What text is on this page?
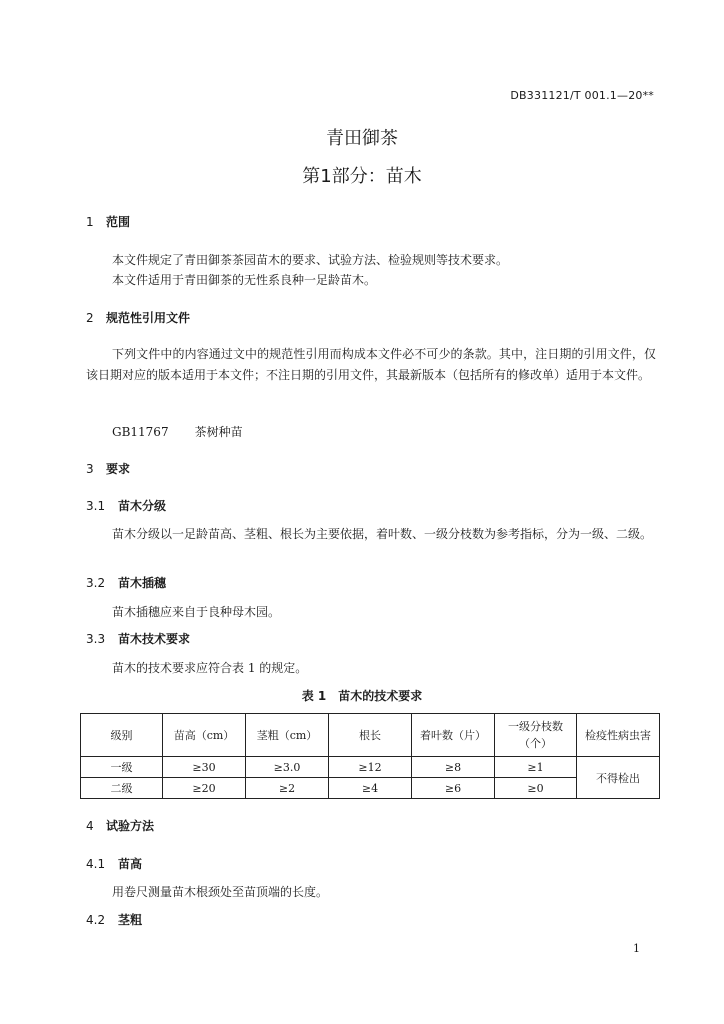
DB331121/T 001.1—20**
青田御茶
第1部分：苗木
1 范围
本文件规定了青田御茶茶园苗木的要求、试验方法、检验规则等技术要求。
本文件适用于青田御茶的无性系良种一足龄苗木。
2 规范性引用文件
下列文件中的内容通过文中的规范性引用而构成本文件必不可少的条款。其中，注日期的引用文件，仅该日期对应的版本适用于本文件；不注日期的引用文件，其最新版本（包括所有的修改单）适用于本文件。
GB11767 茶树种苗
3 要求
3.1 苗木分级
苗木分级以一足龄苗高、茎粗、根长为主要依据，着叶数、一级分枝数为参考指标，分为一级、二级。
3.2 苗木插穗
苗木插穗应来自于良种母木园。
3.3 苗木技术要求
苗木的技术要求应符合表 1 的规定。
表 1　苗木的技术要求
级别	苗高（cm）	茎粗（cm）	根长	着叶数（片）	一级分枝数（个）	检疫性病虫害
一级	≥30	≥3.0	≥12	≥8	≥1	不得检出
二级	≥20	≥2	≥4	≥6	≥0	
4 试验方法
4.1 苗高
用卷尺测量苗木根颈处至苗顶端的长度。
4.2 茎粗
1
